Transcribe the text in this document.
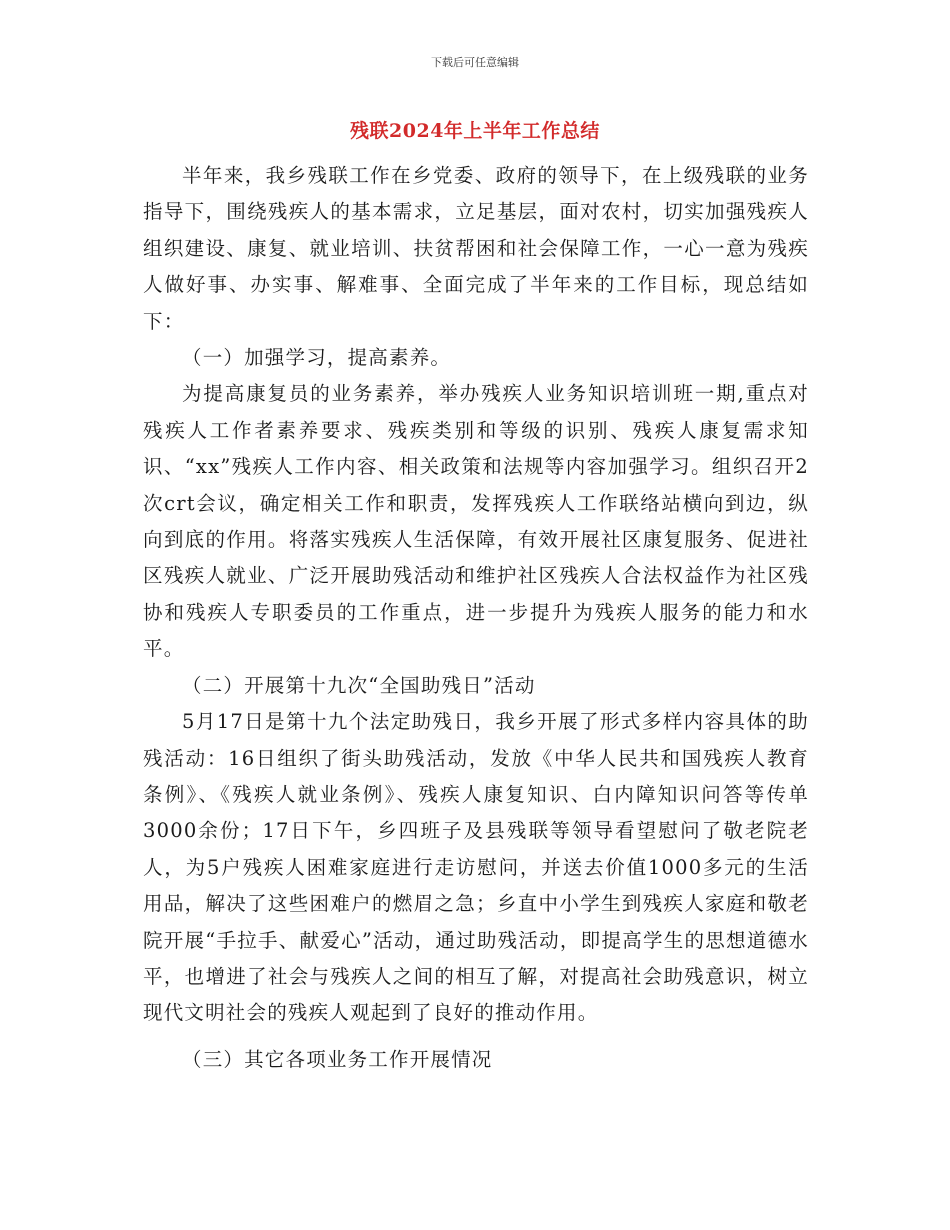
下载后可任意编辑
残联2024年上半年工作总结

半年来，我乡残联工作在乡党委、政府的领导下，在上级残联的业务指导下，围绕残疾人的基本需求，立足基层，面对农村，切实加强残疾人组织建设、康复、就业培训、扶贫帮困和社会保障工作，一心一意为残疾人做好事、办实事、解难事、全面完成了半年来的工作目标，现总结如下：

（一）加强学习，提高素养。

为提高康复员的业务素养，举办残疾人业务知识培训班一期,重点对残疾人工作者素养要求、残疾类别和等级的识别、残疾人康复需求知识、“xx”残疾人工作内容、相关政策和法规等内容加强学习。组织召开2次crt会议，确定相关工作和职责，发挥残疾人工作联络站横向到边，纵向到底的作用。将落实残疾人生活保障，有效开展社区康复服务、促进社区残疾人就业、广泛开展助残活动和维护社区残疾人合法权益作为社区残协和残疾人专职委员的工作重点，进一步提升为残疾人服务的能力和水平。

（二）开展第十九次“全国助残日”活动

5月17日是第十九个法定助残日，我乡开展了形式多样内容具体的助残活动：16日组织了街头助残活动，发放《中华人民共和国残疾人教育条例》、《残疾人就业条例》、残疾人康复知识、白内障知识问答等传单3000余份；17日下午，乡四班子及县残联等领导看望慰问了敬老院老人，为5户残疾人困难家庭进行走访慰问，并送去价值1000多元的生活用品，解决了这些困难户的燃眉之急；乡直中小学生到残疾人家庭和敬老院开展“手拉手、献爱心”活动，通过助残活动，即提高学生的思想道德水平，也增进了社会与残疾人之间的相互了解，对提高社会助残意识，树立现代文明社会的残疾人观起到了良好的推动作用。

（三）其它各项业务工作开展情况
